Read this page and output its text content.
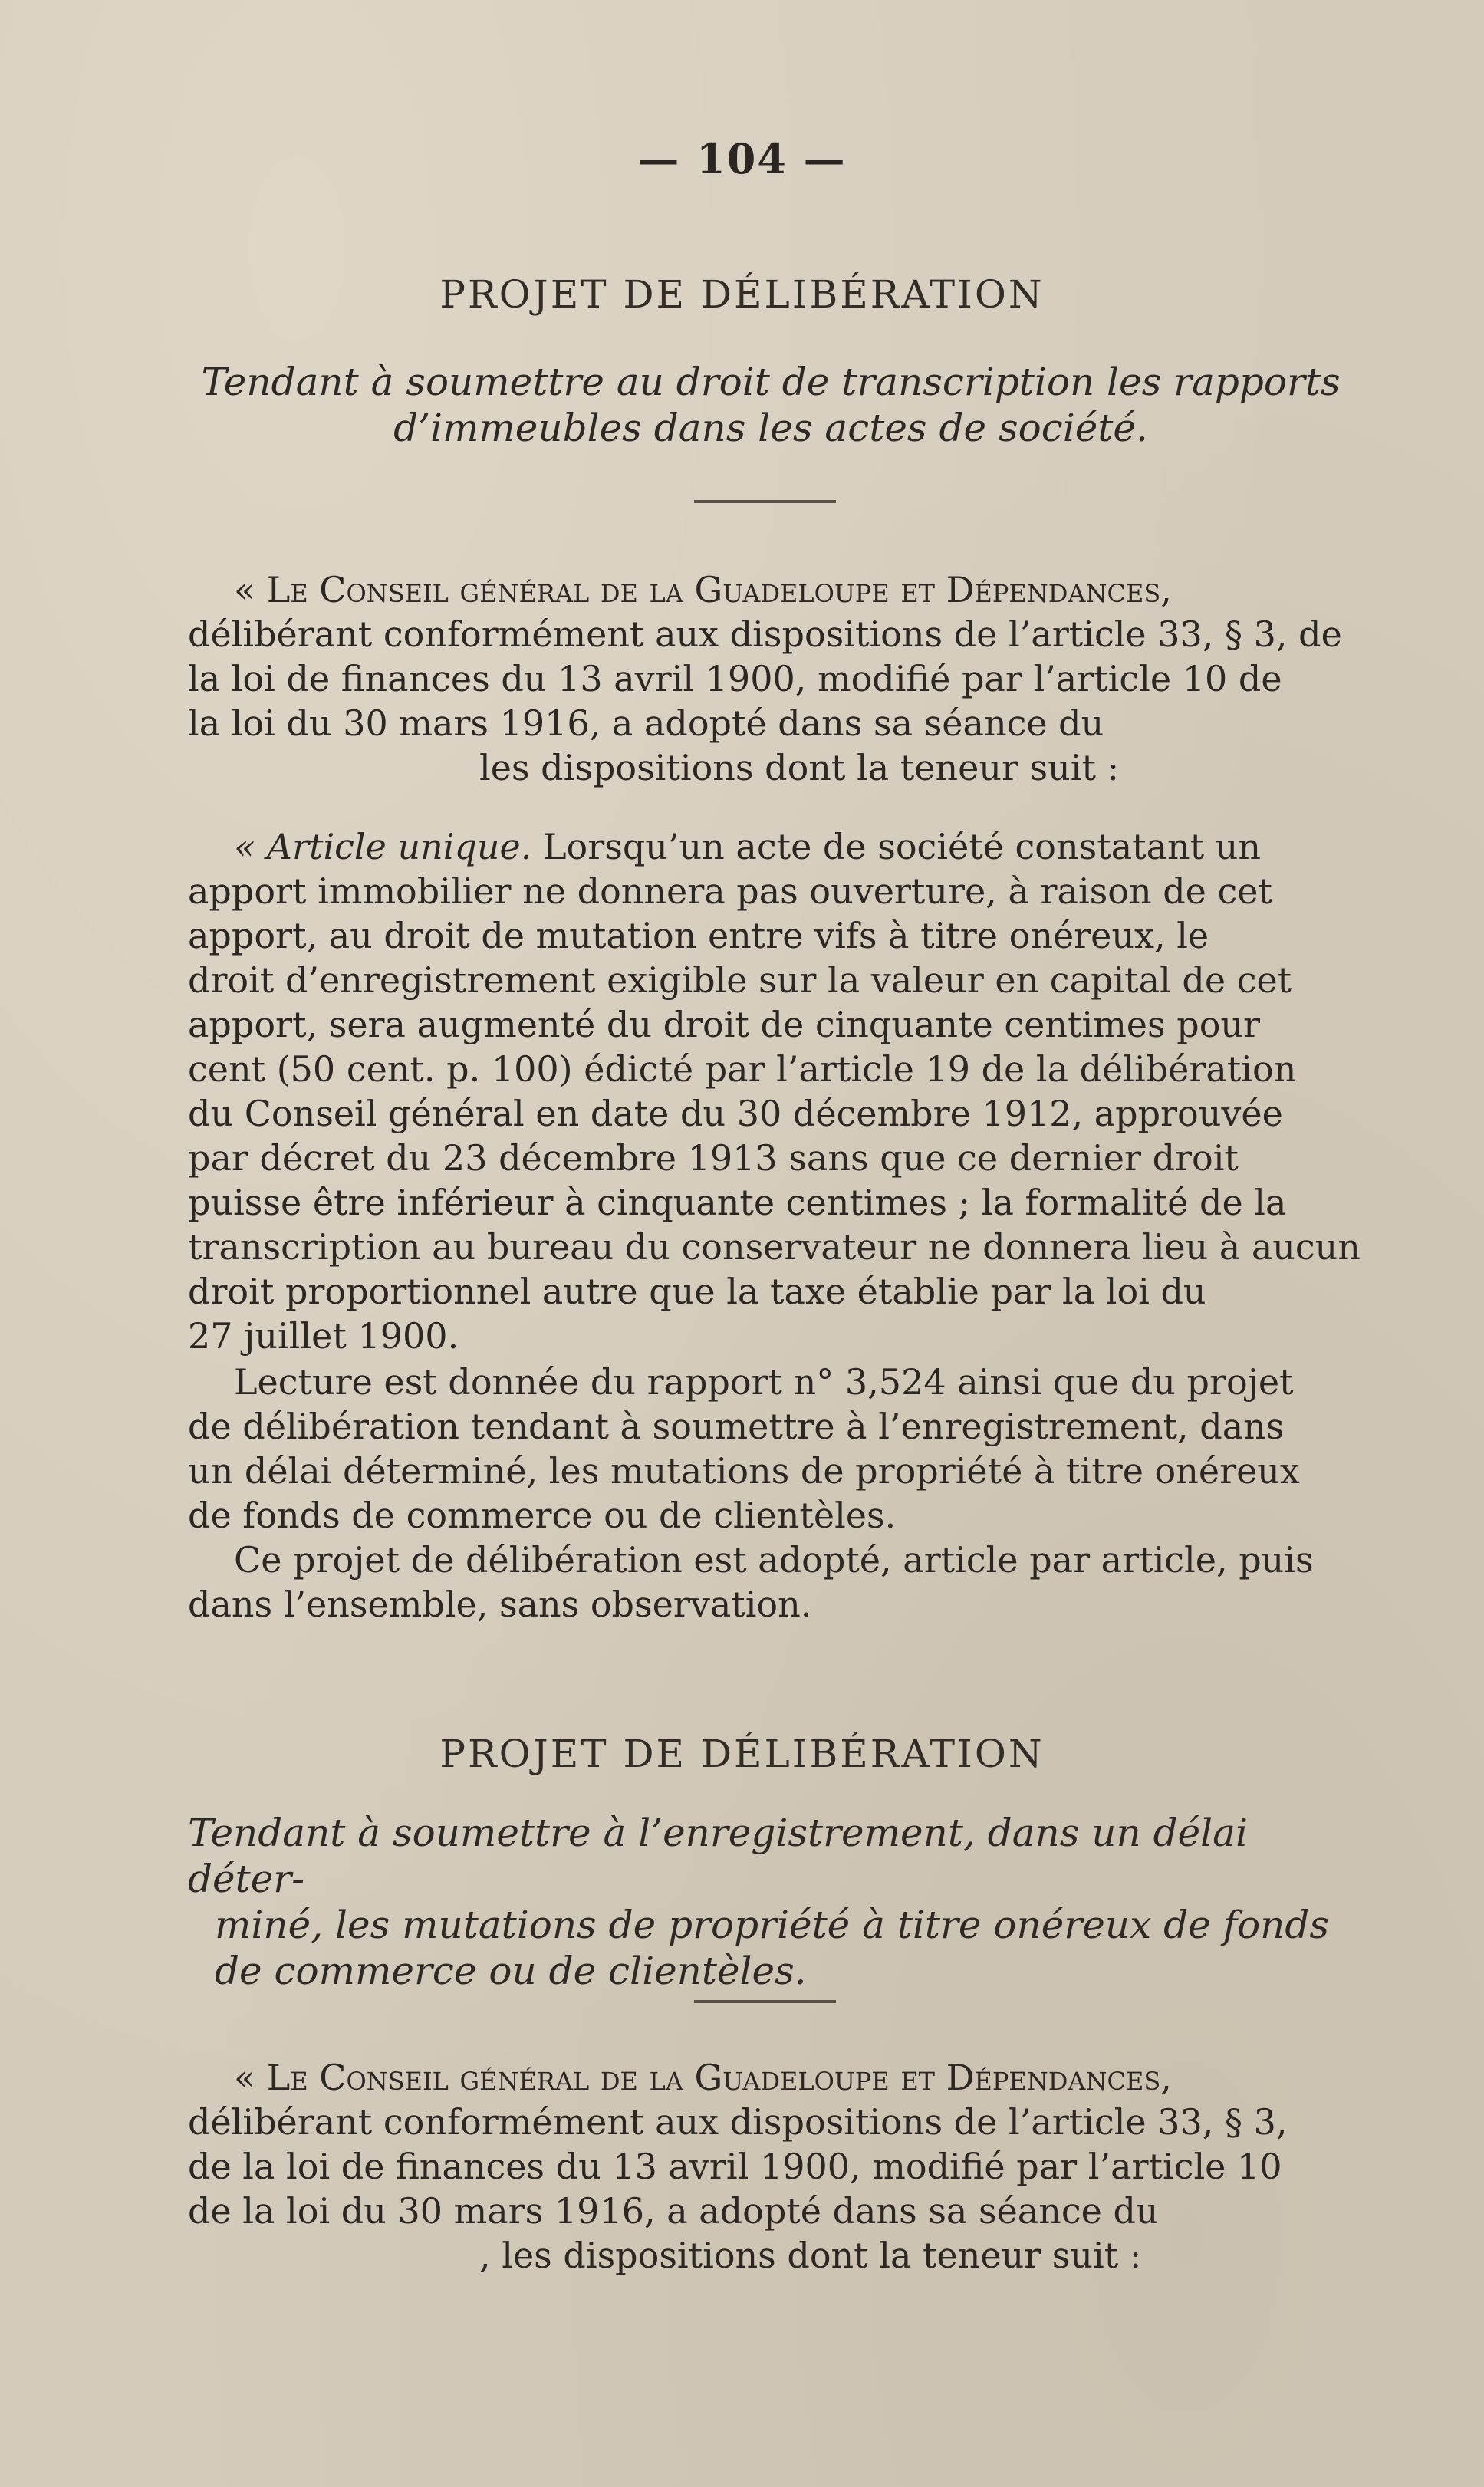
— 104 —
PROJET DE DÉLIBÉRATION
Tendant à soumettre au droit de transcription les rapports
d’immeubles dans les actes de société.
« Le Conseil général de la Guadeloupe et Dépendances,
délibérant conformément aux dispositions de l’article 33, § 3, de
la loi de finances du 13 avril 1900, modifié par l’article 10 de
la loi du 30 mars 1916, a adopté dans sa séance du
les dispositions dont la teneur suit :
« Article unique. Lorsqu’un acte de société constatant un
apport immobilier ne donnera pas ouverture, à raison de cet
apport, au droit de mutation entre vifs à titre onéreux, le
droit d’enregistrement exigible sur la valeur en capital de cet
apport, sera augmenté du droit de cinquante centimes pour
cent (50 cent. p. 100) édicté par l’article 19 de la délibération
du Conseil général en date du 30 décembre 1912, approuvée
par décret du 23 décembre 1913 sans que ce dernier droit
puisse être inférieur à cinquante centimes ; la formalité de la
transcription au bureau du conservateur ne donnera lieu à aucun
droit proportionnel autre que la taxe établie par la loi du
27 juillet 1900.
Lecture est donnée du rapport n° 3,524 ainsi que du projet
de délibération tendant à soumettre à l’enregistrement, dans
un délai déterminé, les mutations de propriété à titre onéreux
de fonds de commerce ou de clientèles.
Ce projet de délibération est adopté, article par article, puis
dans l’ensemble, sans observation.
PROJET DE DÉLIBÉRATION
Tendant à soumettre à l’enregistrement, dans un délai déter-
miné, les mutations de propriété à titre onéreux de fonds
de commerce ou de clientèles.
« Le Conseil général de la Guadeloupe et Dépendances,
délibérant conformément aux dispositions de l’article 33, § 3,
de la loi de finances du 13 avril 1900, modifié par l’article 10
de la loi du 30 mars 1916, a adopté dans sa séance du
, les dispositions dont la teneur suit :
